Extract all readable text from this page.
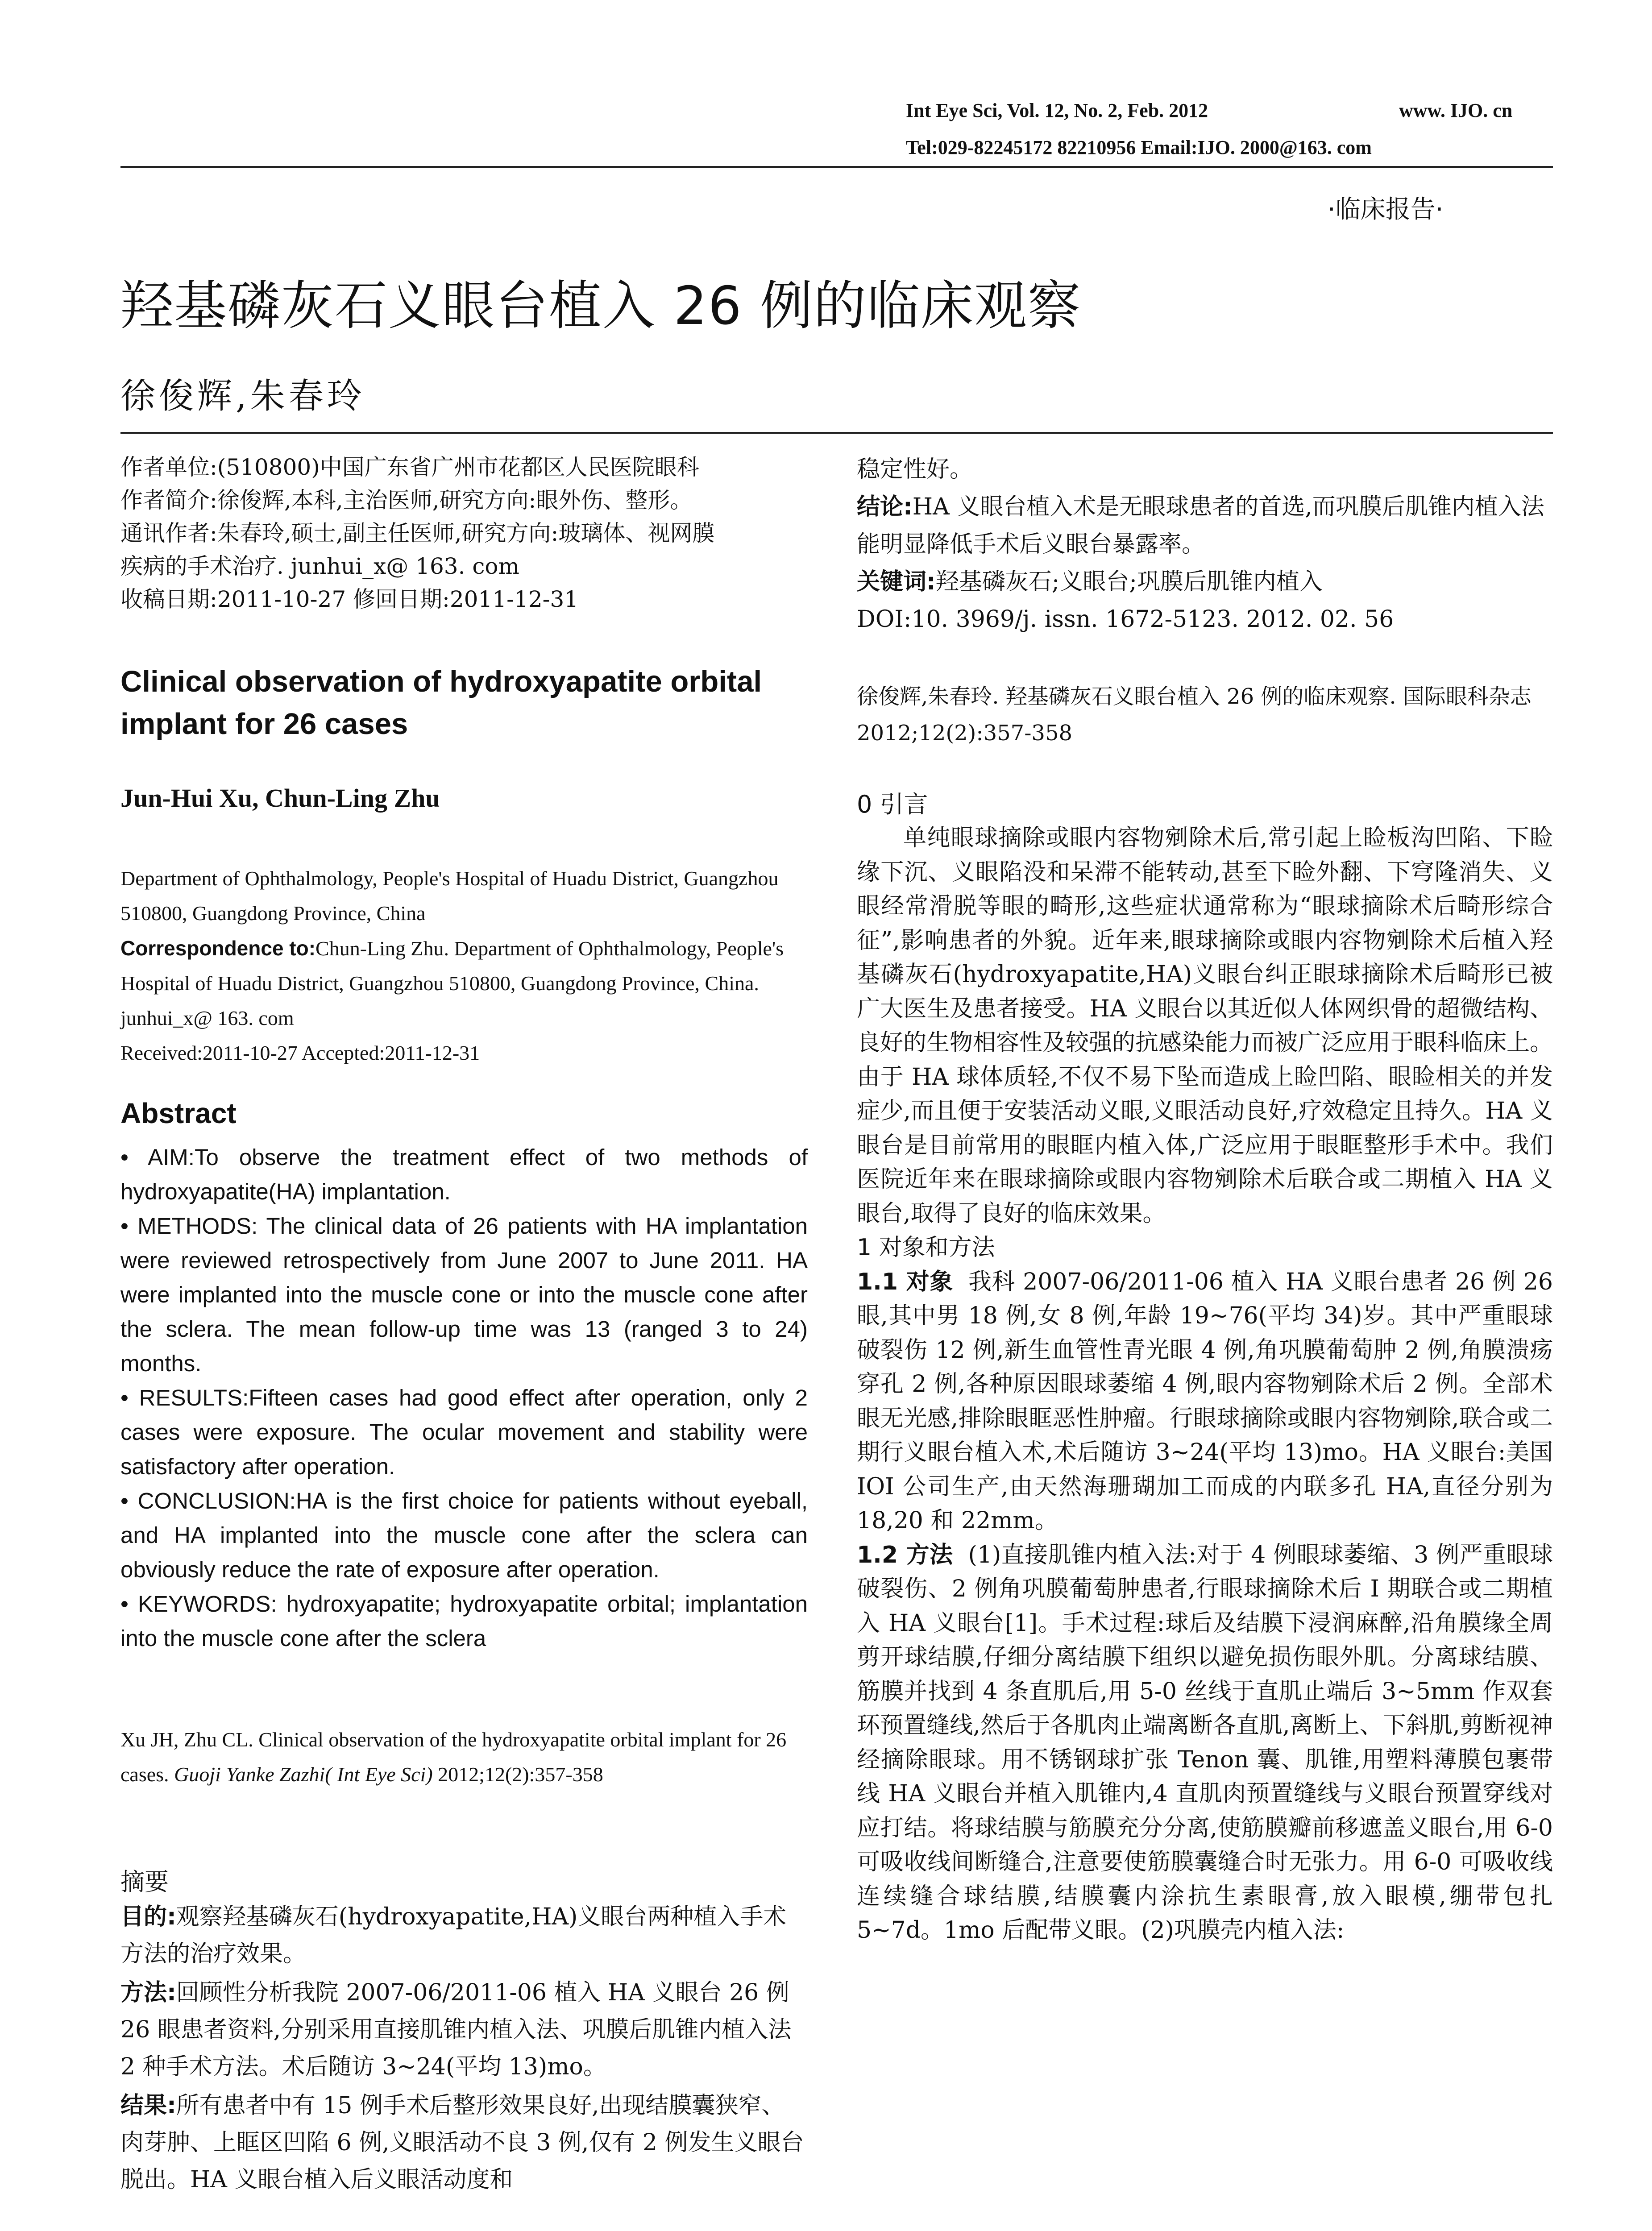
Int Eye Sci, Vol. 12, No. 2, Feb. 2012	www. IJO. cn
Tel:029-82245172 82210956 Email:IJO. 2000@163. com
·临床报告·
羟基磷灰石义眼台植入 26 例的临床观察
徐俊辉,朱春玲

作者单位:(510800)中国广东省广州市花都区人民医院眼科

作者简介:徐俊辉,本科,主治医师,研究方向:眼外伤、整形。

通讯作者:朱春玲,硕士,副主任医师,研究方向:玻璃体、视网膜

疾病的手术治疗. junhui_x@ 163. com

收稿日期:2011-10-27 修回日期:2011-12-31

Clinical observation of hydroxyapatite orbital implant for 26 cases
Jun-Hui Xu, Chun-Ling Zhu
Department of Ophthalmology, People's Hospital of Huadu District, Guangzhou 510800, Guangdong Province, China
Correspondence to:Chun-Ling Zhu. Department of Ophthalmology, People's Hospital of Huadu District, Guangzhou 510800, Guangdong Province, China. junhui_x@ 163. com
Received:2011-10-27 Accepted:2011-12-31
Abstract

• AIM:To observe the treatment effect of two methods of hydroxyapatite(HA) implantation.

• METHODS: The clinical data of 26 patients with HA implantation were reviewed retrospectively from June 2007 to June 2011. HA were implanted into the muscle cone or into the muscle cone after the sclera. The mean follow-up time was 13 (ranged 3 to 24) months.

• RESULTS:Fifteen cases had good effect after operation, only 2 cases were exposure. The ocular movement and stability were satisfactory after operation.

• CONCLUSION:HA is the first choice for patients without eyeball, and HA implanted into the muscle cone after the sclera can obviously reduce the rate of exposure after operation.

• KEYWORDS: hydroxyapatite; hydroxyapatite orbital; implantation into the muscle cone after the sclera

Xu JH, Zhu CL. Clinical observation of the hydroxyapatite orbital implant for 26 cases. Guoji Yanke Zazhi( Int Eye Sci) 2012;12(2):357-358
摘要

目的:观察羟基磷灰石(hydroxyapatite,HA)义眼台两种植入手术方法的治疗效果。

方法:回顾性分析我院 2007-06/2011-06 植入 HA 义眼台 26 例 26 眼患者资料,分别采用直接肌锥内植入法、巩膜后肌锥内植入法 2 种手术方法。术后随访 3~24(平均 13)mo。

结果:所有患者中有 15 例手术后整形效果良好,出现结膜囊狭窄、肉芽肿、上眶区凹陷 6 例,义眼活动不良 3 例,仅有 2 例发生义眼台脱出。HA 义眼台植入后义眼活动度和

稳定性好。

结论:HA 义眼台植入术是无眼球患者的首选,而巩膜后肌锥内植入法能明显降低手术后义眼台暴露率。

关键词:羟基磷灰石;义眼台;巩膜后肌锥内植入

DOI:10. 3969/j. issn. 1672-5123. 2012. 02. 56

徐俊辉,朱春玲. 羟基磷灰石义眼台植入 26 例的临床观察. 国际眼科杂志 2012;12(2):357-358
0 引言

单纯眼球摘除或眼内容物剜除术后,常引起上睑板沟凹陷、下睑缘下沉、义眼陷没和呆滞不能转动,甚至下睑外翻、下穹隆消失、义眼经常滑脱等眼的畸形,这些症状通常称为“眼球摘除术后畸形综合征”,影响患者的外貌。近年来,眼球摘除或眼内容物剜除术后植入羟基磷灰石(hydroxyapatite,HA)义眼台纠正眼球摘除术后畸形已被广大医生及患者接受。HA 义眼台以其近似人体网织骨的超微结构、良好的生物相容性及较强的抗感染能力而被广泛应用于眼科临床上。由于 HA 球体质轻,不仅不易下坠而造成上睑凹陷、眼睑相关的并发症少,而且便于安装活动义眼,义眼活动良好,疗效稳定且持久。HA 义眼台是目前常用的眼眶内植入体,广泛应用于眼眶整形手术中。我们医院近年来在眼球摘除或眼内容物剜除术后联合或二期植入 HA 义眼台,取得了良好的临床效果。

1 对象和方法

1.1 对象 我科 2007-06/2011-06 植入 HA 义眼台患者 26 例 26 眼,其中男 18 例,女 8 例,年龄 19~76(平均 34)岁。其中严重眼球破裂伤 12 例,新生血管性青光眼 4 例,角巩膜葡萄肿 2 例,角膜溃疡穿孔 2 例,各种原因眼球萎缩 4 例,眼内容物剜除术后 2 例。全部术眼无光感,排除眼眶恶性肿瘤。行眼球摘除或眼内容物剜除,联合或二期行义眼台植入术,术后随访 3~24(平均 13)mo。HA 义眼台:美国 IOI 公司生产,由天然海珊瑚加工而成的内联多孔 HA,直径分别为 18,20 和 22mm。

1.2 方法 (1)直接肌锥内植入法:对于 4 例眼球萎缩、3 例严重眼球破裂伤、2 例角巩膜葡萄肿患者,行眼球摘除术后 I 期联合或二期植入 HA 义眼台[1]。手术过程:球后及结膜下浸润麻醉,沿角膜缘全周剪开球结膜,仔细分离结膜下组织以避免损伤眼外肌。分离球结膜、筋膜并找到 4 条直肌后,用 5-0 丝线于直肌止端后 3~5mm 作双套环预置缝线,然后于各肌肉止端离断各直肌,离断上、下斜肌,剪断视神经摘除眼球。用不锈钢球扩张 Tenon 囊、肌锥,用塑料薄膜包裹带线 HA 义眼台并植入肌锥内,4 直肌肉预置缝线与义眼台预置穿线对应打结。将球结膜与筋膜充分分离,使筋膜瓣前移遮盖义眼台,用 6-0 可吸收线间断缝合,注意要使筋膜囊缝合时无张力。用 6-0 可吸收线连续缝合球结膜,结膜囊内涂抗生素眼膏,放入眼模,绷带包扎 5~7d。1mo 后配带义眼。(2)巩膜壳内植入法:
